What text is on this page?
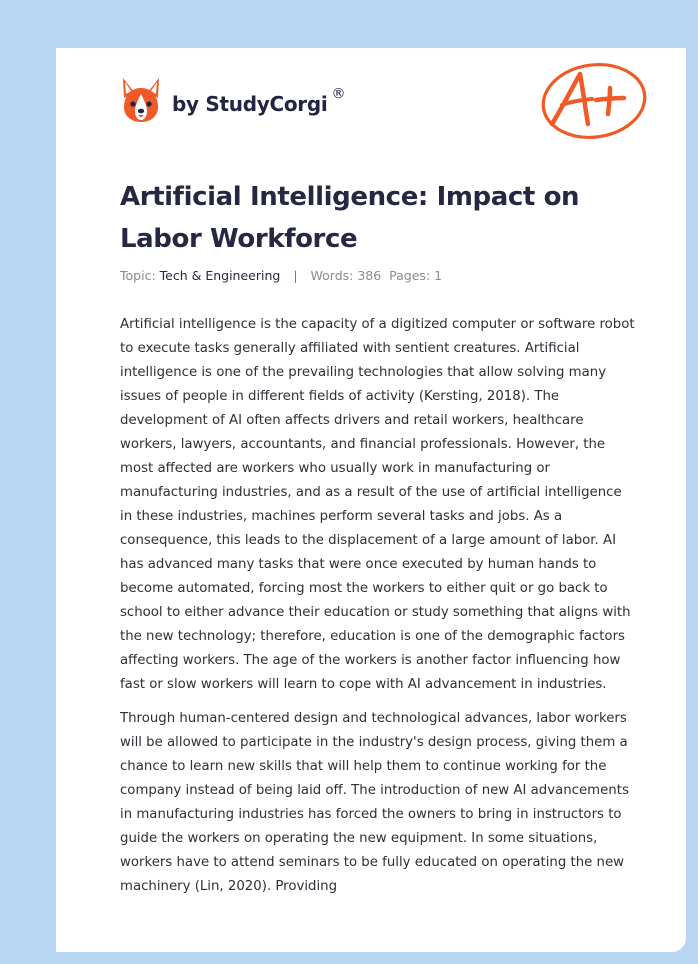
by StudyCorgi ®
Artificial Intelligence: Impact on Labor Workforce
Topic: Tech & Engineering | Words: 386 Pages: 1

Artificial intelligence is the capacity of a digitized computer or software robot to execute tasks generally affiliated with sentient creatures. Artificial intelligence is one of the prevailing technologies that allow solving many issues of people in different fields of activity (Kersting, 2018). The development of AI often affects drivers and retail workers, healthcare workers, lawyers, accountants, and financial professionals. However, the most affected are workers who usually work in manufacturing or manufacturing industries, and as a result of the use of artificial intelligence in these industries, machines perform several tasks and jobs. As a consequence, this leads to the displacement of a large amount of labor. AI has advanced many tasks that were once executed by human hands to become automated, forcing most the workers to either quit or go back to school to either advance their education or study something that aligns with the new technology; therefore, education is one of the demographic factors affecting workers. The age of the workers is another factor influencing how fast or slow workers will learn to cope with AI advancement in industries.

Through human-centered design and technological advances, labor workers will be allowed to participate in the industry's design process, giving them a chance to learn new skills that will help them to continue working for the company instead of being laid off. The introduction of new AI advancements in manufacturing industries has forced the owners to bring in instructors to guide the workers on operating the new equipment. In some situations, workers have to attend seminars to be fully educated on operating the new machinery (Lin, 2020). Providing
